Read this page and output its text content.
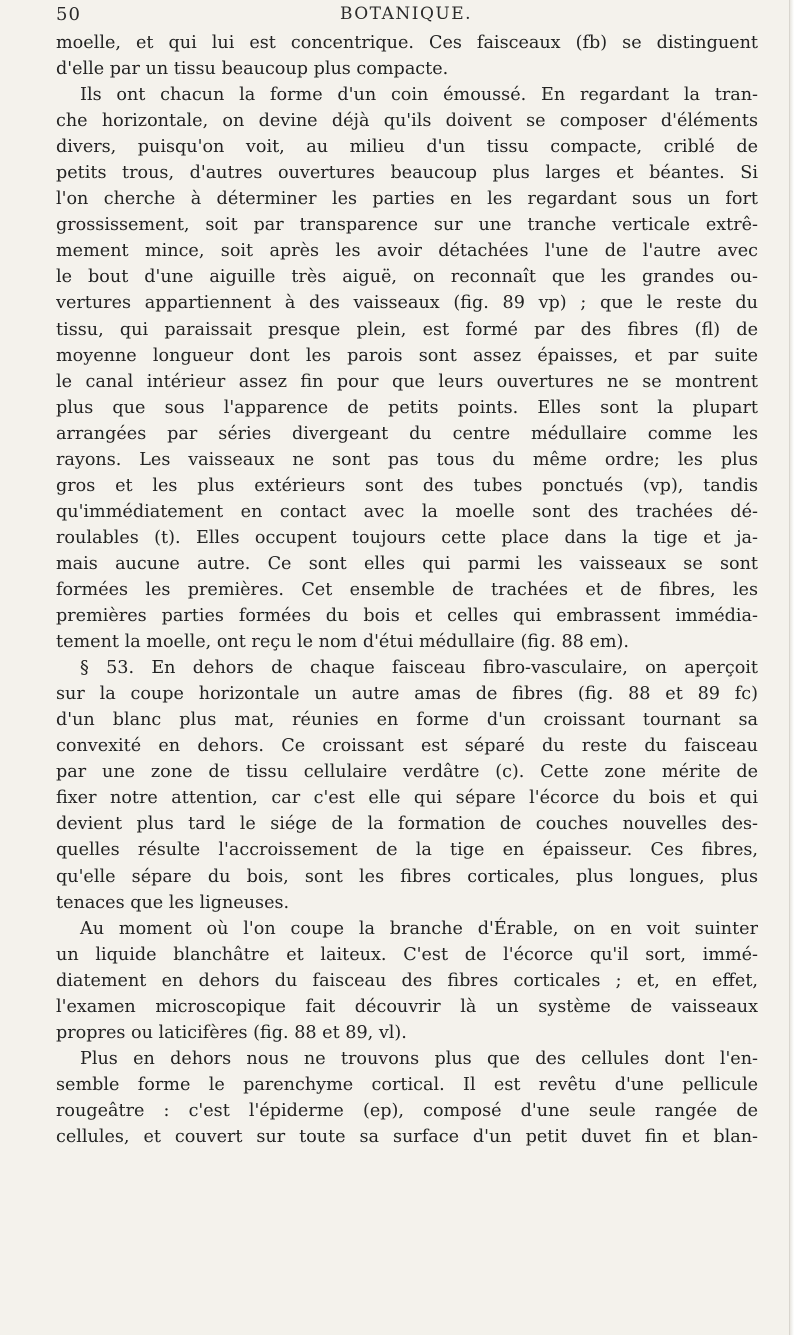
50	BOTANIQUE.
moelle, et qui lui est concentrique. Ces faisceaux (fb) se distinguent
d'elle par un tissu beaucoup plus compacte.
Ils ont chacun la forme d'un coin émoussé. En regardant la tran-
che horizontale, on devine déjà qu'ils doivent se composer d'éléments
divers, puisqu'on voit, au milieu d'un tissu compacte, criblé de
petits trous, d'autres ouvertures beaucoup plus larges et béantes. Si
l'on cherche à déterminer les parties en les regardant sous un fort
grossissement, soit par transparence sur une tranche verticale extrê-
mement mince, soit après les avoir détachées l'une de l'autre avec
le bout d'une aiguille très aiguë, on reconnaît que les grandes ou-
vertures appartiennent à des vaisseaux (fig. 89 vp) ; que le reste du
tissu, qui paraissait presque plein, est formé par des fibres (fl) de
moyenne longueur dont les parois sont assez épaisses, et par suite
le canal intérieur assez fin pour que leurs ouvertures ne se montrent
plus que sous l'apparence de petits points. Elles sont la plupart
arrangées par séries divergeant du centre médullaire comme les
rayons. Les vaisseaux ne sont pas tous du même ordre; les plus
gros et les plus extérieurs sont des tubes ponctués (vp), tandis
qu'immédiatement en contact avec la moelle sont des trachées dé-
roulables (t). Elles occupent toujours cette place dans la tige et ja-
mais aucune autre. Ce sont elles qui parmi les vaisseaux se sont
formées les premières. Cet ensemble de trachées et de fibres, les
premières parties formées du bois et celles qui embrassent immédia-
tement la moelle, ont reçu le nom d'étui médullaire (fig. 88 em).
§ 53. En dehors de chaque faisceau fibro-vasculaire, on aperçoit
sur la coupe horizontale un autre amas de fibres (fig. 88 et 89 fc)
d'un blanc plus mat, réunies en forme d'un croissant tournant sa
convexité en dehors. Ce croissant est séparé du reste du faisceau
par une zone de tissu cellulaire verdâtre (c). Cette zone mérite de
fixer notre attention, car c'est elle qui sépare l'écorce du bois et qui
devient plus tard le siége de la formation de couches nouvelles des-
quelles résulte l'accroissement de la tige en épaisseur. Ces fibres,
qu'elle sépare du bois, sont les fibres corticales, plus longues, plus
tenaces que les ligneuses.
Au moment où l'on coupe la branche d'Érable, on en voit suinter
un liquide blanchâtre et laiteux. C'est de l'écorce qu'il sort, immé-
diatement en dehors du faisceau des fibres corticales ; et, en effet,
l'examen microscopique fait découvrir là un système de vaisseaux
propres ou laticifères (fig. 88 et 89, vl).
Plus en dehors nous ne trouvons plus que des cellules dont l'en-
semble forme le parenchyme cortical. Il est revêtu d'une pellicule
rougeâtre : c'est l'épiderme (ep), composé d'une seule rangée de
cellules, et couvert sur toute sa surface d'un petit duvet fin et blan-
